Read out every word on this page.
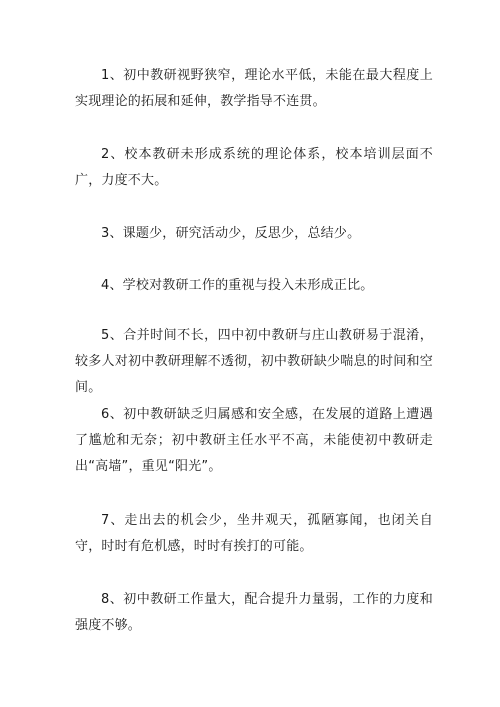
1、初中教研视野狭窄，理论水平低，未能在最大程度上实现理论的拓展和延伸，教学指导不连贯。

2、校本教研未形成系统的理论体系，校本培训层面不广，力度不大。

3、课题少，研究活动少，反思少，总结少。

4、学校对教研工作的重视与投入未形成正比。

5、合并时间不长，四中初中教研与庄山教研易于混淆，较多人对初中教研理解不透彻，初中教研缺少喘息的时间和空间。

6、初中教研缺乏归属感和安全感，在发展的道路上遭遇了尴尬和无奈；初中教研主任水平不高，未能使初中教研走出“高墙”，重见“阳光”。

7、走出去的机会少，坐井观天，孤陋寡闻，也闭关自守，时时有危机感，时时有挨打的可能。

8、初中教研工作量大，配合提升力量弱，工作的力度和强度不够。
